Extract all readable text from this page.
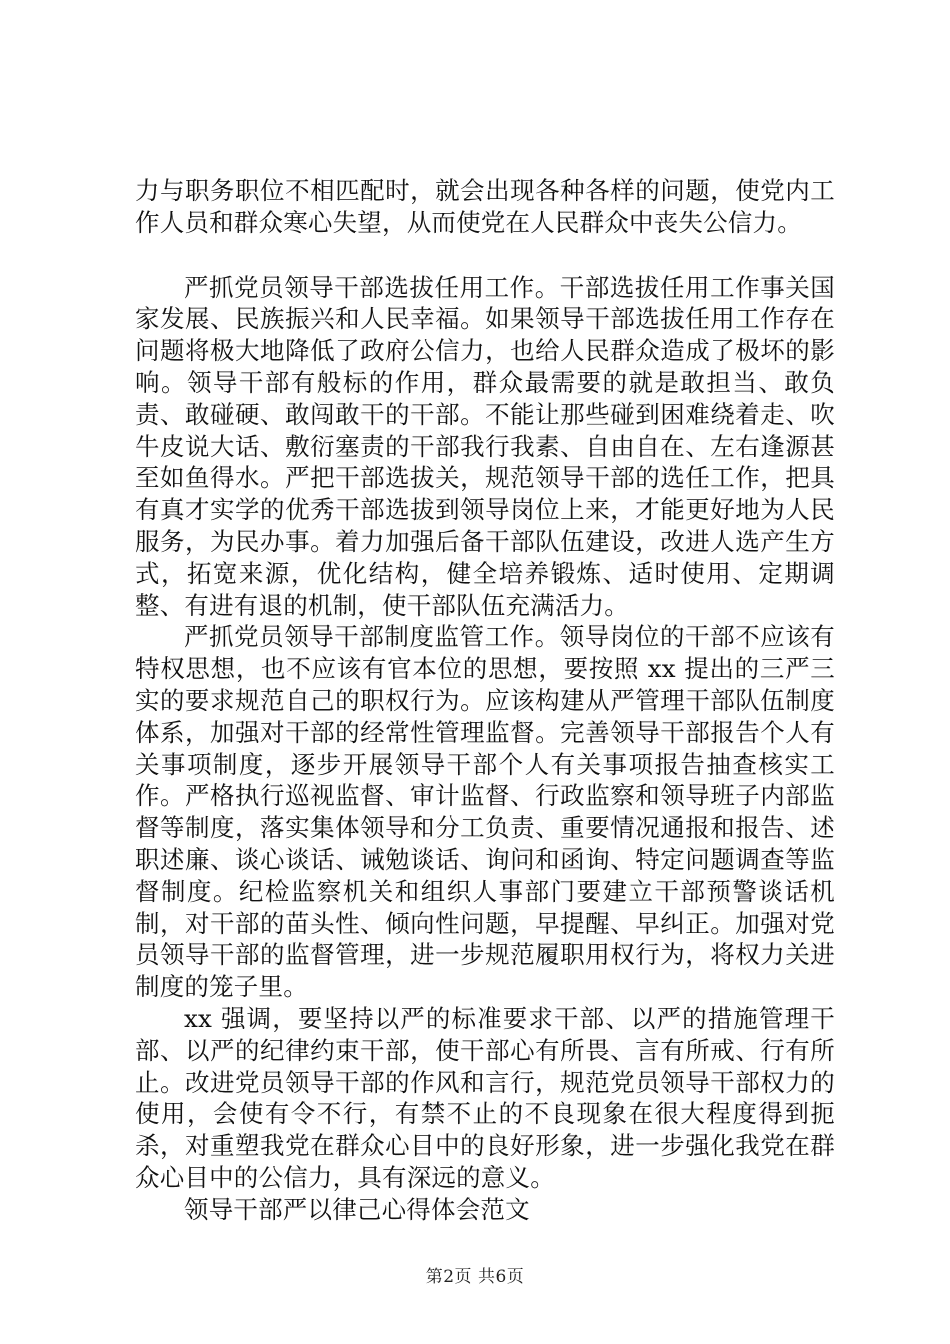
力与职务职位不相匹配时，就会出现各种各样的问题，使党内工作人员和群众寒心失望，从而使党在人民群众中丧失公信力。

严抓党员领导干部选拔任用工作。干部选拔任用工作事关国家发展、民族振兴和人民幸福。如果领导干部选拔任用工作存在问题将极大地降低了政府公信力，也给人民群众造成了极坏的影响。领导干部有般标的作用，群众最需要的就是敢担当、敢负责、敢碰硬、敢闯敢干的干部。不能让那些碰到困难绕着走、吹牛皮说大话、敷衍塞责的干部我行我素、自由自在、左右逢源甚至如鱼得水。严把干部选拔关，规范领导干部的选任工作，把具有真才实学的优秀干部选拔到领导岗位上来，才能更好地为人民服务，为民办事。着力加强后备干部队伍建设，改进人选产生方式，拓宽来源，优化结构，健全培养锻炼、适时使用、定期调整、有进有退的机制，使干部队伍充满活力。

严抓党员领导干部制度监管工作。领导岗位的干部不应该有特权思想，也不应该有官本位的思想，要按照 xx 提出的三严三实的要求规范自己的职权行为。应该构建从严管理干部队伍制度体系，加强对干部的经常性管理监督。完善领导干部报告个人有关事项制度，逐步开展领导干部个人有关事项报告抽查核实工作。严格执行巡视监督、审计监督、行政监察和领导班子内部监督等制度，落实集体领导和分工负责、重要情况通报和报告、述职述廉、谈心谈话、诫勉谈话、询问和函询、特定问题调查等监督制度。纪检监察机关和组织人事部门要建立干部预警谈话机制，对干部的苗头性、倾向性问题，早提醒、早纠正。加强对党员领导干部的监督管理，进一步规范履职用权行为，将权力关进制度的笼子里。

xx 强调，要坚持以严的标准要求干部、以严的措施管理干部、以严的纪律约束干部，使干部心有所畏、言有所戒、行有所止。改进党员领导干部的作风和言行，规范党员领导干部权力的使用，会使有令不行，有禁不止的不良现象在很大程度得到扼杀，对重塑我党在群众心目中的良好形象，进一步强化我党在群众心目中的公信力，具有深远的意义。

领导干部严以律己心得体会范文

第2页 共6页
